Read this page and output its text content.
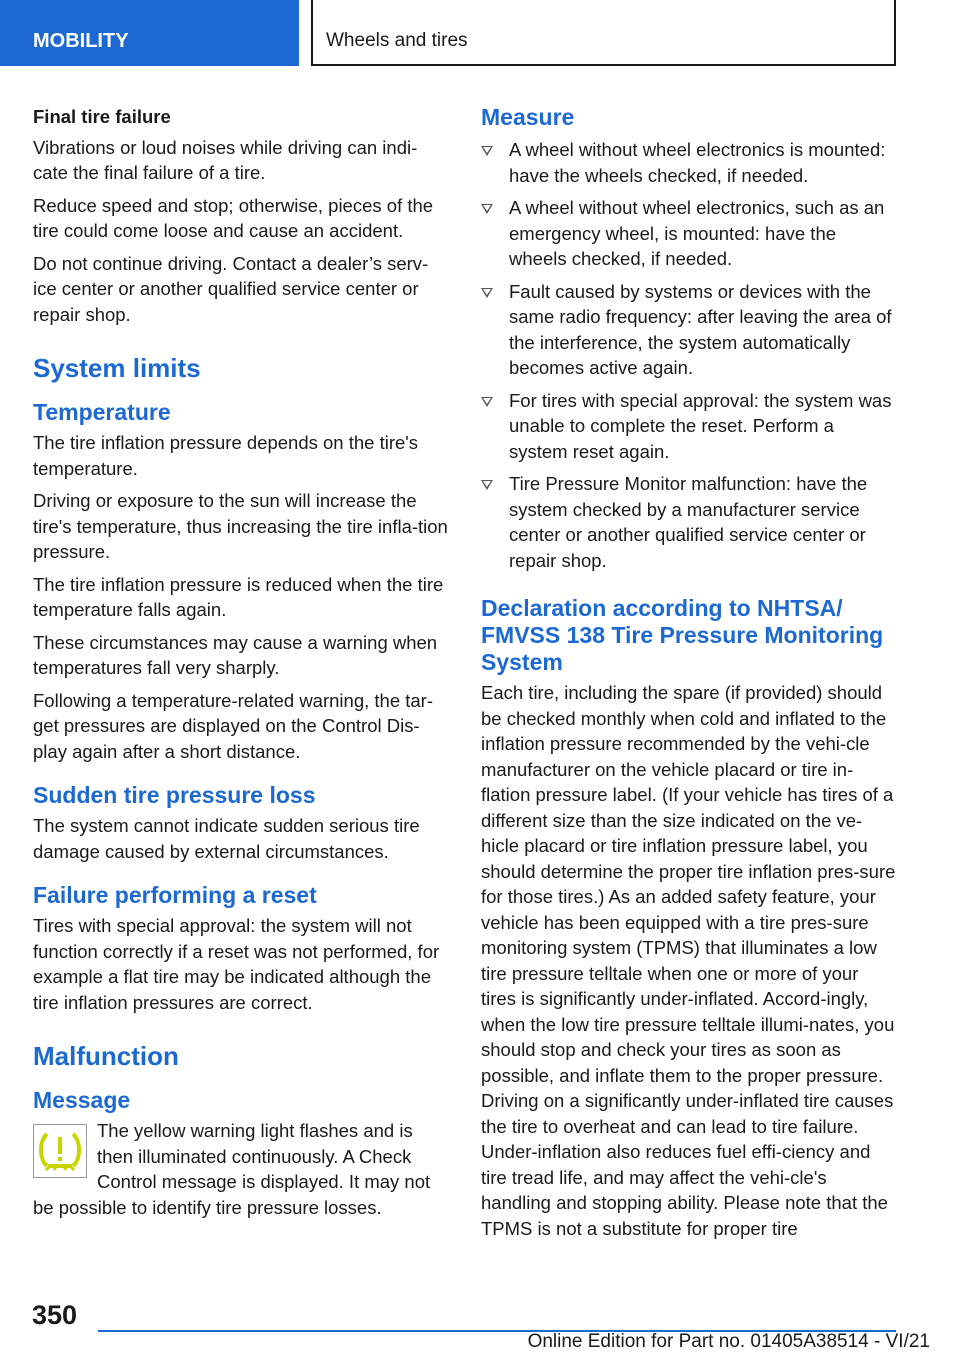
MOBILITY	Wheels and tires

Final tire failure

Vibrations or loud noises while driving can indi-cate the final failure of a tire.

Reduce speed and stop; otherwise, pieces of the tire could come loose and cause an accident.

Do not continue driving. Contact a dealer’s serv-ice center or another qualified service center or repair shop.

System limits
Temperature

The tire inflation pressure depends on the tire's temperature.

Driving or exposure to the sun will increase the tire's temperature, thus increasing the tire infla-tion pressure.

The tire inflation pressure is reduced when the tire temperature falls again.

These circumstances may cause a warning when temperatures fall very sharply.

Following a temperature-related warning, the tar-get pressures are displayed on the Control Dis-play again after a short distance.

Sudden tire pressure loss

The system cannot indicate sudden serious tire damage caused by external circumstances.

Failure performing a reset

Tires with special approval: the system will not function correctly if a reset was not performed, for example a flat tire may be indicated although the tire inflation pressures are correct.

Malfunction
Message

The yellow warning light flashes and is then illuminated continuously. A Check Control message is displayed. It may not be possible to identify tire pressure losses.

Measure
A wheel without wheel electronics is mounted: have the wheels checked, if needed.
A wheel without wheel electronics, such as an emergency wheel, is mounted: have the wheels checked, if needed.
Fault caused by systems or devices with the same radio frequency: after leaving the area of the interference, the system automatically becomes active again.
For tires with special approval: the system was unable to complete the reset. Perform a system reset again.
Tire Pressure Monitor malfunction: have the system checked by a manufacturer service center or another qualified service center or repair shop.
Declaration according to NHTSA/ FMVSS 138 Tire Pressure Monitoring System

Each tire, including the spare (if provided) should be checked monthly when cold and inflated to the inflation pressure recommended by the vehi-cle manufacturer on the vehicle placard or tire in-flation pressure label. (If your vehicle has tires of a different size than the size indicated on the ve-hicle placard or tire inflation pressure label, you should determine the proper tire inflation pres-sure for those tires.) As an added safety feature, your vehicle has been equipped with a tire pres-sure monitoring system (TPMS) that illuminates a low tire pressure telltale when one or more of your tires is significantly under-inflated. Accord-ingly, when the low tire pressure telltale illumi-nates, you should stop and check your tires as soon as possible, and inflate them to the proper pressure. Driving on a significantly under-inflated tire causes the tire to overheat and can lead to tire failure. Under-inflation also reduces fuel effi-ciency and tire tread life, and may affect the vehi-cle's handling and stopping ability. Please note that the TPMS is not a substitute for proper tire

350
Online Edition for Part no. 01405A38514 - VI/21
